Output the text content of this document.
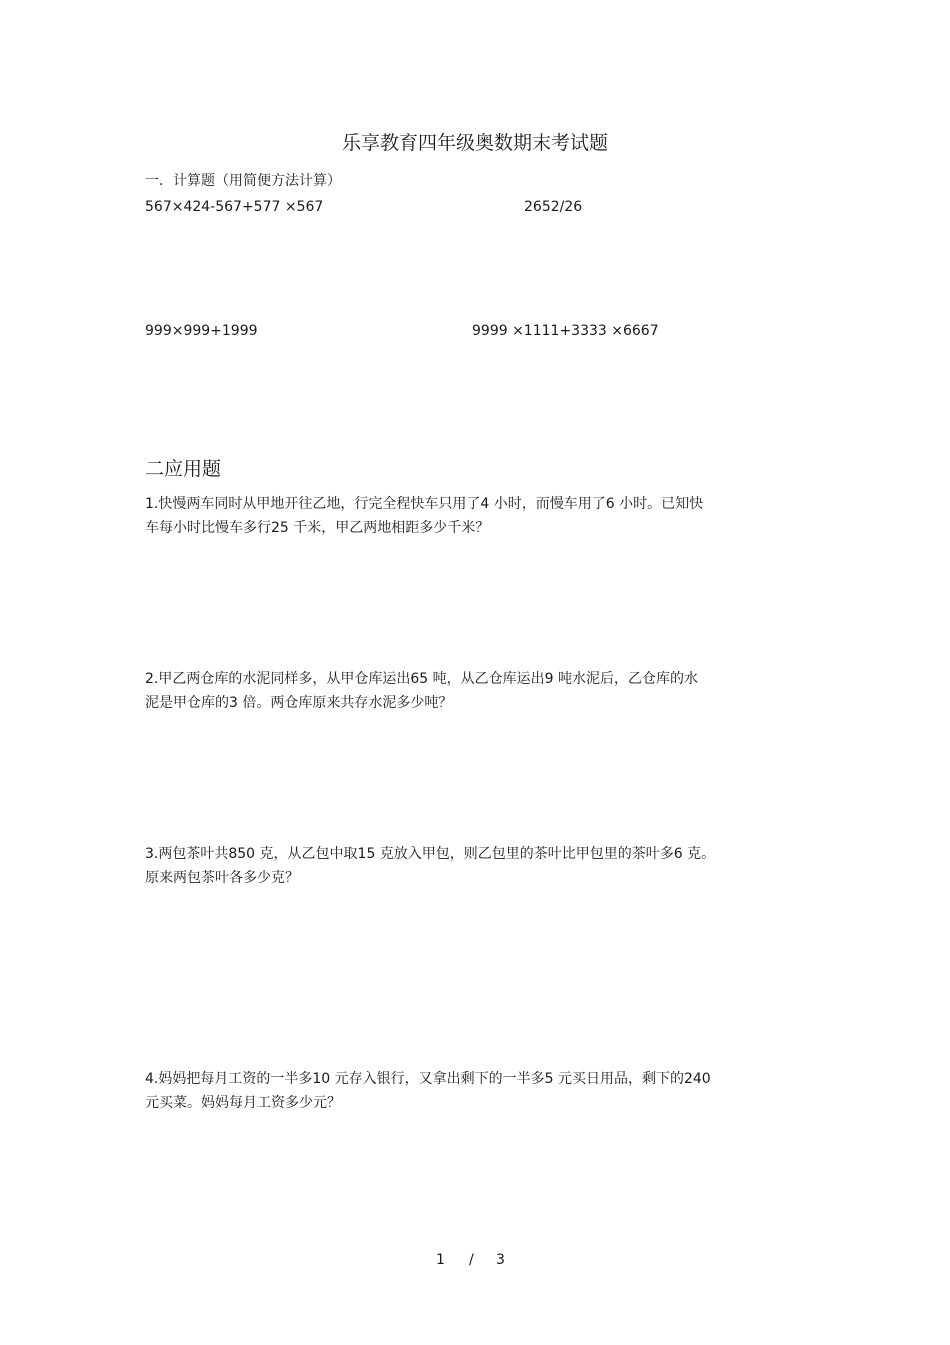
乐享教育四年级奥数期末考试题
一．计算题（用简便方法计算）
567×424-567+577 ×567	2652/26
999×999+1999	9999 ×1111+3333 ×6667
二应用题
1.快慢两车同时从甲地开往乙地，行完全程快车只用了4 小时，而慢车用了6 小时。已知快
车每小时比慢车多行25 千米，甲乙两地相距多少千米？
2.甲乙两仓库的水泥同样多，从甲仓库运出65 吨，从乙仓库运出9 吨水泥后，乙仓库的水
泥是甲仓库的3 倍。两仓库原来共存水泥多少吨？
3.两包茶叶共850 克，从乙包中取15 克放入甲包，则乙包里的茶叶比甲包里的茶叶多6 克。
原来两包茶叶各多少克？
4.妈妈把每月工资的一半多10 元存入银行，又拿出剩下的一半多5 元买日用品，剩下的240
元买菜。妈妈每月工资多少元？
1 / 3
